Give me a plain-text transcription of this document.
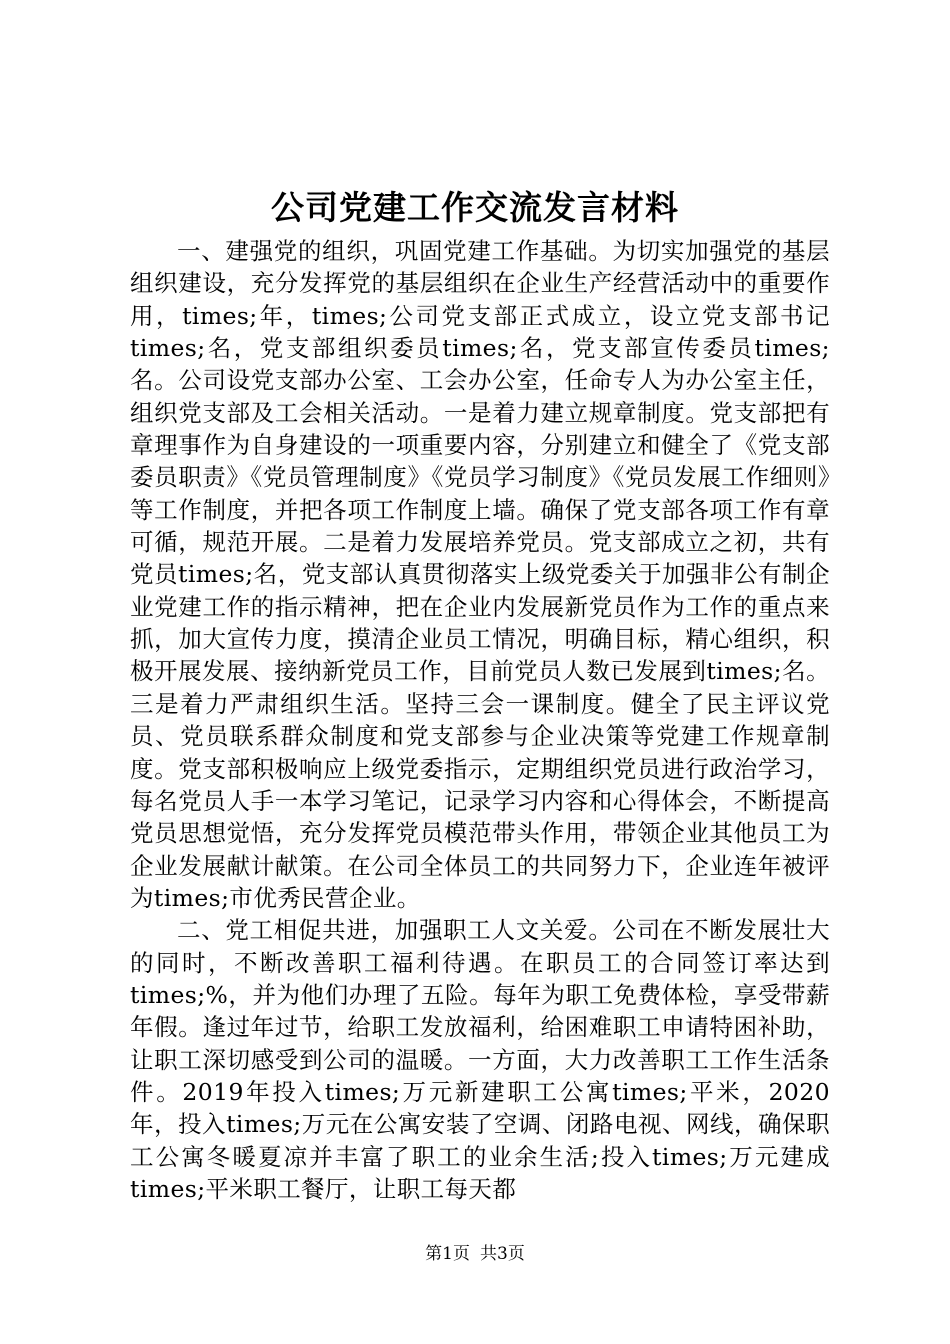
公司党建工作交流发言材料

一、建强党的组织，巩固党建工作基础。为切实加强党的基层组织建设，充分发挥党的基层组织在企业生产经营活动中的重要作用，times;年，times;公司党支部正式成立，设立党支部书记times;名，党支部组织委员times;名，党支部宣传委员times;名。公司设党支部办公室、工会办公室，任命专人为办公室主任，组织党支部及工会相关活动。一是着力建立规章制度。党支部把有章理事作为自身建设的一项重要内容，分别建立和健全了《党支部委员职责》《党员管理制度》《党员学习制度》《党员发展工作细则》等工作制度，并把各项工作制度上墙。确保了党支部各项工作有章可循，规范开展。二是着力发展培养党员。党支部成立之初，共有党员times;名，党支部认真贯彻落实上级党委关于加强非公有制企业党建工作的指示精神，把在企业内发展新党员作为工作的重点来抓，加大宣传力度，摸清企业员工情况，明确目标，精心组织，积极开展发展、接纳新党员工作，目前党员人数已发展到times;名。三是着力严肃组织生活。坚持三会一课制度。健全了民主评议党员、党员联系群众制度和党支部参与企业决策等党建工作规章制度。党支部积极响应上级党委指示，定期组织党员进行政治学习，每名党员人手一本学习笔记，记录学习内容和心得体会，不断提高党员思想觉悟，充分发挥党员模范带头作用，带领企业其他员工为企业发展献计献策。在公司全体员工的共同努力下，企业连年被评为times;市优秀民营企业。

二、党工相促共进，加强职工人文关爱。公司在不断发展壮大的同时，不断改善职工福利待遇。在职员工的合同签订率达到times;%，并为他们办理了五险。每年为职工免费体检，享受带薪年假。逢过年过节，给职工发放福利，给困难职工申请特困补助，让职工深切感受到公司的温暖。一方面，大力改善职工工作生活条件。2019年投入times;万元新建职工公寓times;平米，2020年，投入times;万元在公寓安装了空调、闭路电视、网线，确保职工公寓冬暖夏凉并丰富了职工的业余生活;投入times;万元建成times;平米职工餐厅，让职工每天都

第1页 共3页
